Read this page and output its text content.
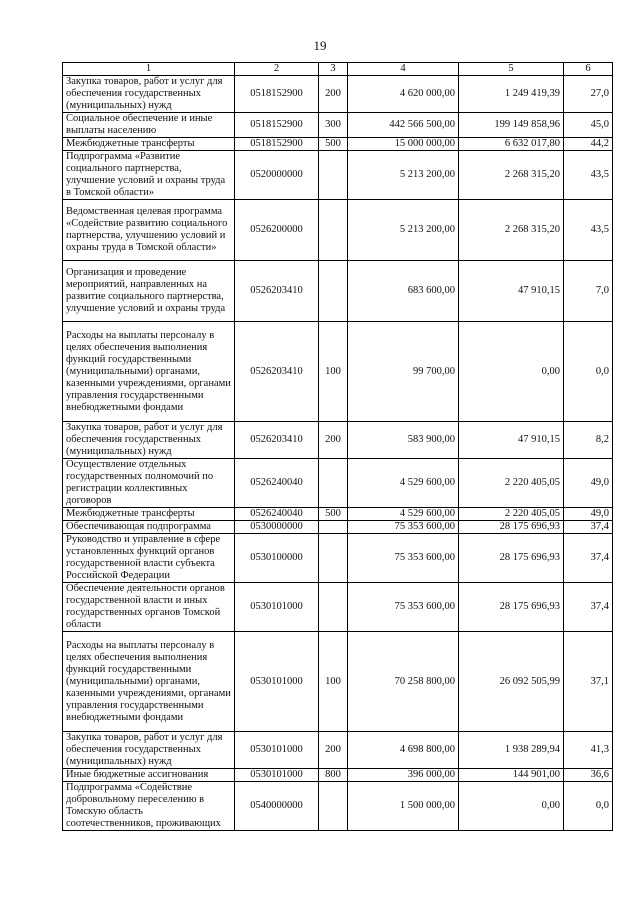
19
1	2	3	4	5	6
Закупка товаров, работ и услуг для обеспечения государственных (муниципальных) нужд	0518152900	200	4 620 000,00	1 249 419,39	27,0
Социальное обеспечение и иные выплаты населению	0518152900	300	442 566 500,00	199 149 858,96	45,0
Межбюджетные трансферты	0518152900	500	15 000 000,00	6 632 017,80	44,2
Подпрограмма «Развитие социального партнерства, улучшение условий и охраны труда в Томской области»	0520000000		5 213 200,00	2 268 315,20	43,5
Ведомственная целевая программа «Содействие развитию социального партнерства, улучшению условий и охраны труда в Томской области»	0526200000		5 213 200,00	2 268 315,20	43,5
Организация и проведение мероприятий, направленных на развитие социального партнерства, улучшение условий и охраны труда	0526203410		683 600,00	47 910,15	7,0
Расходы на выплаты персоналу в целях обеспечения выполнения функций государственными (муниципальными) органами, казенными учреждениями, органами управления государственными внебюджетными фондами	0526203410	100	99 700,00	0,00	0,0
Закупка товаров, работ и услуг для обеспечения государственных (муниципальных) нужд	0526203410	200	583 900,00	47 910,15	8,2
Осуществление отдельных государственных полномочий по регистрации коллективных договоров	0526240040		4 529 600,00	2 220 405,05	49,0
Межбюджетные трансферты	0526240040	500	4 529 600,00	2 220 405,05	49,0
Обеспечивающая подпрограмма	0530000000		75 353 600,00	28 175 696,93	37,4
Руководство и управление в сфере установленных функций органов государственной власти субъекта Российской Федерации	0530100000		75 353 600,00	28 175 696,93	37,4
Обеспечение деятельности органов государственной власти и иных государственных органов Томской области	0530101000		75 353 600,00	28 175 696,93	37,4
Расходы на выплаты персоналу в целях обеспечения выполнения функций государственными (муниципальными) органами, казенными учреждениями, органами управления государственными внебюджетными фондами	0530101000	100	70 258 800,00	26 092 505,99	37,1
Закупка товаров, работ и услуг для обеспечения государственных (муниципальных) нужд	0530101000	200	4 698 800,00	1 938 289,94	41,3
Иные бюджетные ассигнования	0530101000	800	396 000,00	144 901,00	36,6
Подпрограмма «Содействие добровольному переселению в Томскую область соотечественников, проживающих	0540000000		1 500 000,00	0,00	0,0
